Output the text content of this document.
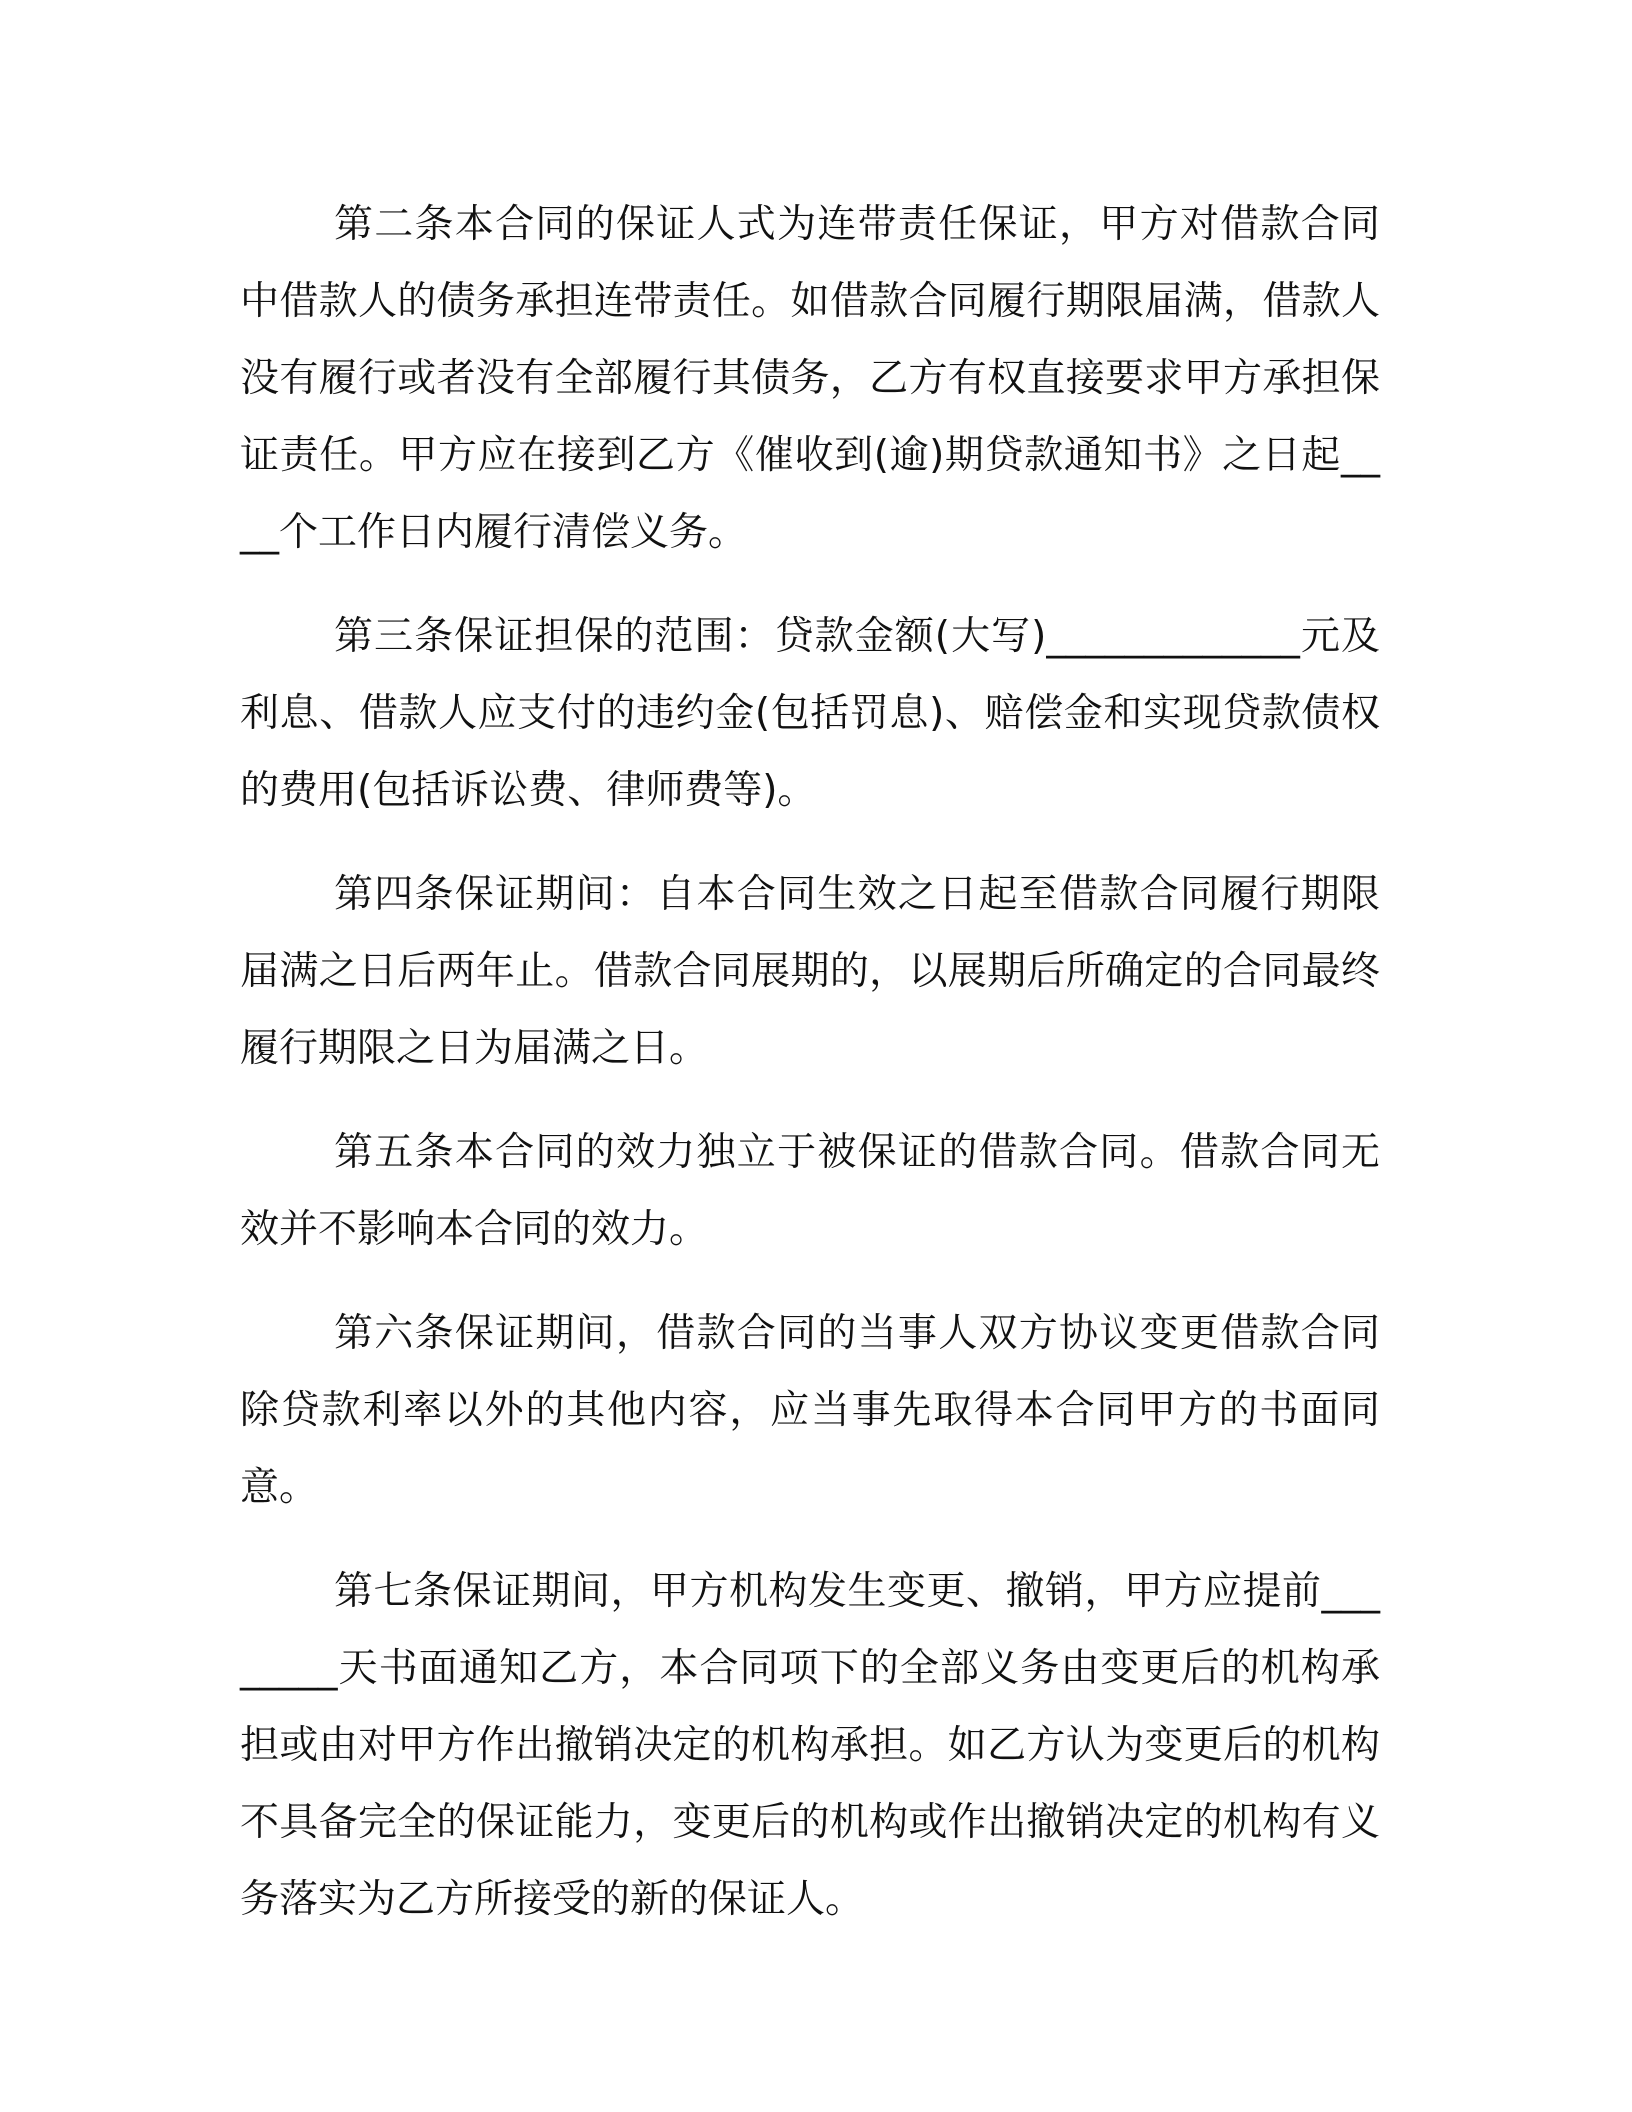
第二条本合同的保证人式为连带责任保证，甲方对借款合同中借款人的债务承担连带责任。如借款合同履行期限届满，借款人没有履行或者没有全部履行其债务，乙方有权直接要求甲方承担保证责任。甲方应在接到乙方《催收到(逾)期贷款通知书》之日起____个工作日内履行清偿义务。

第三条保证担保的范围：贷款金额(大写)_____________元及利息、借款人应支付的违约金(包括罚息)、赔偿金和实现贷款债权的费用(包括诉讼费、律师费等)。

第四条保证期间：自本合同生效之日起至借款合同履行期限届满之日后两年止。借款合同展期的，以展期后所确定的合同最终履行期限之日为届满之日。

第五条本合同的效力独立于被保证的借款合同。借款合同无效并不影响本合同的效力。

第六条保证期间，借款合同的当事人双方协议变更借款合同除贷款利率以外的其他内容，应当事先取得本合同甲方的书面同意。

第七条保证期间，甲方机构发生变更、撤销，甲方应提前________天书面通知乙方，本合同项下的全部义务由变更后的机构承担或由对甲方作出撤销决定的机构承担。如乙方认为变更后的机构不具备完全的保证能力，变更后的机构或作出撤销决定的机构有义务落实为乙方所接受的新的保证人。
